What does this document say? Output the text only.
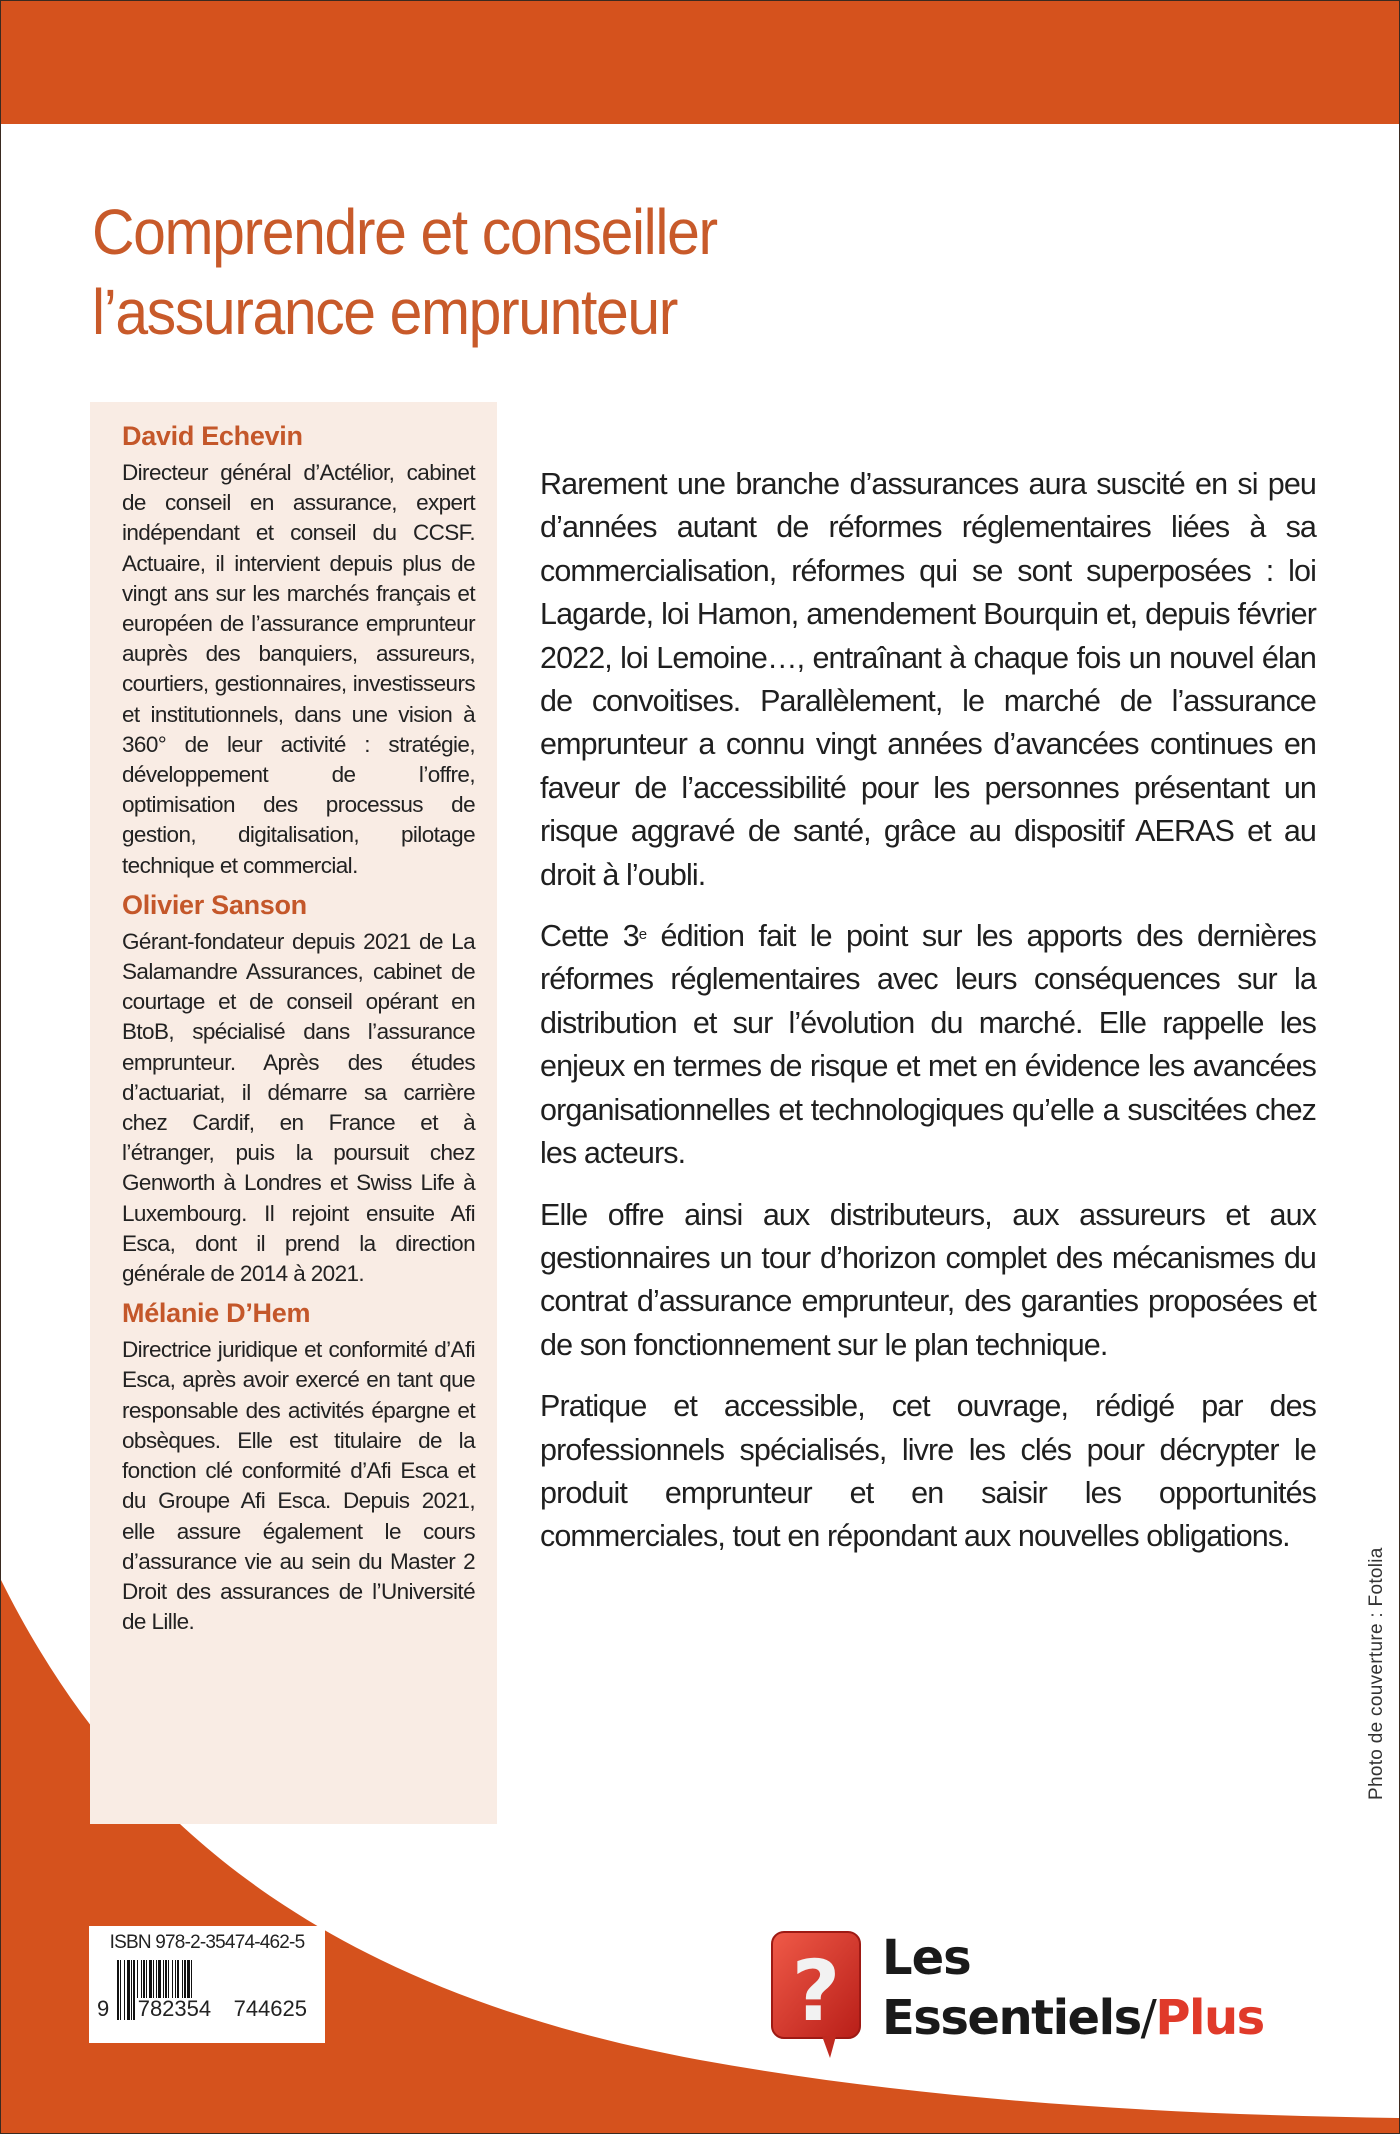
Comprendre et conseiller
l’assurance emprunteur

David Echevin

Directeur général d’Actélior, cabinet de conseil en assurance, expert indépendant et conseil du CCSF. Actuaire, il intervient depuis plus de vingt ans sur les marchés français et européen de l’assurance emprunteur auprès des banquiers, assureurs, courtiers, gestionnaires, investisseurs et institutionnels, dans une vision à 360° de leur activité : stratégie, développement de l’offre, optimisation des processus de gestion, digitalisation, pilotage technique et commercial.

Olivier Sanson

Gérant-fondateur depuis 2021 de La Salamandre Assurances, cabinet de courtage et de conseil opérant en BtoB, spécialisé dans l’assurance emprunteur. Après des études d’actuariat, il démarre sa carrière chez Cardif, en France et à l’étranger, puis la poursuit chez Genworth à Londres et Swiss Life à Luxembourg. Il rejoint ensuite Afi Esca, dont il prend la direction générale de 2014 à 2021.

Mélanie D’Hem

Directrice juridique et conformité d’Afi Esca, après avoir exercé en tant que responsable des activités épargne et obsèques. Elle est titulaire de la fonction clé conformité d’Afi Esca et du Groupe Afi Esca. Depuis 2021, elle assure également le cours d’assurance vie au sein du Master 2 Droit des assurances de l’Université de Lille.

Rarement une branche d’assurances aura suscité en si peu d’années autant de réformes réglementaires liées à sa commercialisation, réformes qui se sont superposées : loi Lagarde, loi Hamon, amendement Bourquin et, depuis février 2022, loi Lemoine…, entraînant à chaque fois un nouvel élan de convoitises. Parallèlement, le marché de l’assurance emprunteur a connu vingt années d’avancées continues en faveur de l’accessibilité pour les personnes présentant un risque aggravé de santé, grâce au dispositif AERAS et au droit à l’oubli.

Cette 3e édition fait le point sur les apports des dernières réformes réglementaires avec leurs conséquences sur la distribution et sur l’évolution du marché. Elle rappelle les enjeux en termes de risque et met en évidence les avancées organisationnelles et technologiques qu’elle a suscitées chez les acteurs.

Elle offre ainsi aux distributeurs, aux assureurs et aux gestionnaires un tour d’horizon complet des mécanismes du contrat d’assurance emprunteur, des garanties proposées et de son fonctionnement sur le plan technique.

Pratique et accessible, cet ouvrage, rédigé par des professionnels spécialisés, livre les clés pour décrypter le produit emprunteur et en saisir les opportunités commerciales, tout en répondant aux nouvelles obligations.

Photo de couverture : Fotolia

ISBN 978-2-35474-462-5

9 782354 744625	? Les
Essentiels/Plus
